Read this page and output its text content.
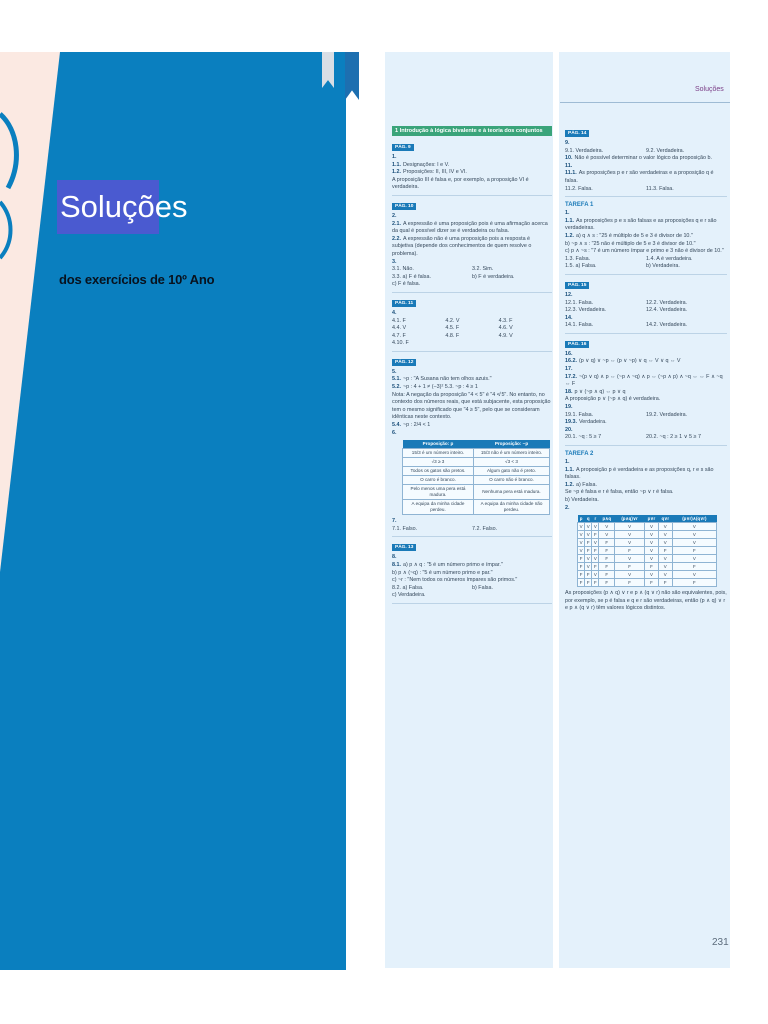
Soluções
dos exercícios de 10º Ano
Soluções
231
1 Introdução à lógica bivalente e à teoria dos conjuntos
PÁG. 9
1.
1.1. Designações: I e V.
1.2. Proposições: II, III, IV e VI.
A proposição III é falsa e, por exemplo, a proposição VI é verdadeira.
PÁG. 10
2.
2.1. A expressão é uma proposição pois é uma afirmação acerca da qual é possível dizer se é verdadeira ou falsa.
2.2. A expressão não é uma proposição pois a resposta é subjetiva (depende dos conhecimentos de quem resolve o problema).
3.
3.1. Não.	3.2. Sim.
3.3. a) F é falsa.	b) F é verdadeira.
c) F é falsa.
PÁG. 11
4.
4.1. F	4.2. V	4.3. F
4.4. V	4.5. F	4.6. V
4.7. F	4.8. F	4.9. V
4.10. F
PÁG. 12
5.
5.1. ~p : "A Susana não tem olhos azuis."
5.2. ~p : 4 + 1 ≠ (−3)² 5.3. ~p : 4 ≥ 1
Nota: A negação da proposição "4 < 5" é "4 ≮ 5". No entanto, no contexto dos números reais, que está subjacente, esta proposição tem o mesmo significado que "4 ≥ 5", pelo que se consideram idênticas neste contexto.
5.4. ~p : 2/4 < 1
6.
Proposição: p	Proposição: ~p
15/3 é um número inteiro.	15/3 não é um número inteiro.
√3 ≥ 3	√3 < 3
Todos os gatos são pretos.	Algum gato não é preto.
O carro é branco.	O carro não é branco.
Pelo menos uma pera está madura.	Nenhuma pera está madura.
A equipa da minha cidade perdeu.	A equipa da minha cidade não perdeu.
7.
7.1. Falso.	7.2. Falso.
PÁG. 13
8.
8.1. a) p ∧ q : "5 é um número primo e ímpar."
b) p ∧ (~q) : "5 é um número primo e par."
c) ~r : "Nem todos os números ímpares são primos."
8.2. a) Falsa.	b) Falsa.
c) Verdadeira.
PÁG. 14
9.
9.1. Verdadeira.	9.2. Verdadeira.
10. Não é possível determinar o valor lógico da proposição b.
11.
11.1. As proposições p e r são verdadeiras e a proposição q é falsa.
11.2. Falsa.	11.3. Falsa.
TAREFA 1
1.
1.1. As proposições p e s são falsas e as proposições q e r são verdadeiras.
1.2. a) q ∧ s : "25 é múltiplo de 5 e 3 é divisor de 10."
b) ~p ∧ s : "25 não é múltiplo de 5 e 3 é divisor de 10."
c) p ∧ ~s : "7 é um número ímpar e primo e 3 não é divisor de 10."
1.3. Falsa.	1.4. A é verdadeira.
1.5. a) Falsa.	b) Verdadeira.
PÁG. 15
12.
12.1. Falsa.	12.2. Verdadeira.
12.3. Verdadeira.	12.4. Verdadeira.
14.
14.1. Falsa.	14.2. Verdadeira.
PÁG. 16
16.
16.2. (p ∨ q) ∨ ~p ⇔ (p ∨ ~p) ∨ q ⇔ V ∨ q ⇔ V
17.
17.2. ~(p ∨ q) ∧ p ⇔ (~p ∧ ~q) ∧ p ⇔ (~p ∧ p) ∧ ~q ⇔ ⇔ F ∧ ~q ⇔ F
18. p ∨ (~p ∧ q) ⇔ p ∨ q
A proposição p ∨ (~p ∧ q) é verdadeira.
19.
19.1. Falsa.	19.2. Verdadeira.
19.3. Verdadeira.
20.
20.1. ~q : 5 ≥ 7	20.2. ~q : 2 ≥ 1 ∨ 5 ≥ 7
TAREFA 2
1.
1.1. A proposição p é verdadeira e as proposições q, r e s são falsas.
1.2. a) Falsa.
Se ~p é falsa e r é falsa, então ~p ∨ r é falsa.
b) Verdadeira.
2.
p	q	r	p∧q	(p∧q)∨r	p∨r	q∨r	(p∨r)∧(q∨r)
V	V	V	V	V	V	V	V
V	V	F	V	V	V	V	V
V	F	V	F	V	V	V	V
V	F	F	F	F	V	F	F
F	V	V	F	V	V	V	V
F	V	F	F	F	F	V	F
F	F	V	F	V	V	V	V
F	F	F	F	F	F	F	F
As proposições (p ∧ q) ∨ r e p ∧ (q ∨ r) não são equivalentes, pois, por exemplo, se p é falsa e q e r são verdadeiras, então (p ∧ q) ∨ r e p ∧ (q ∨ r) têm valores lógicos distintos.
